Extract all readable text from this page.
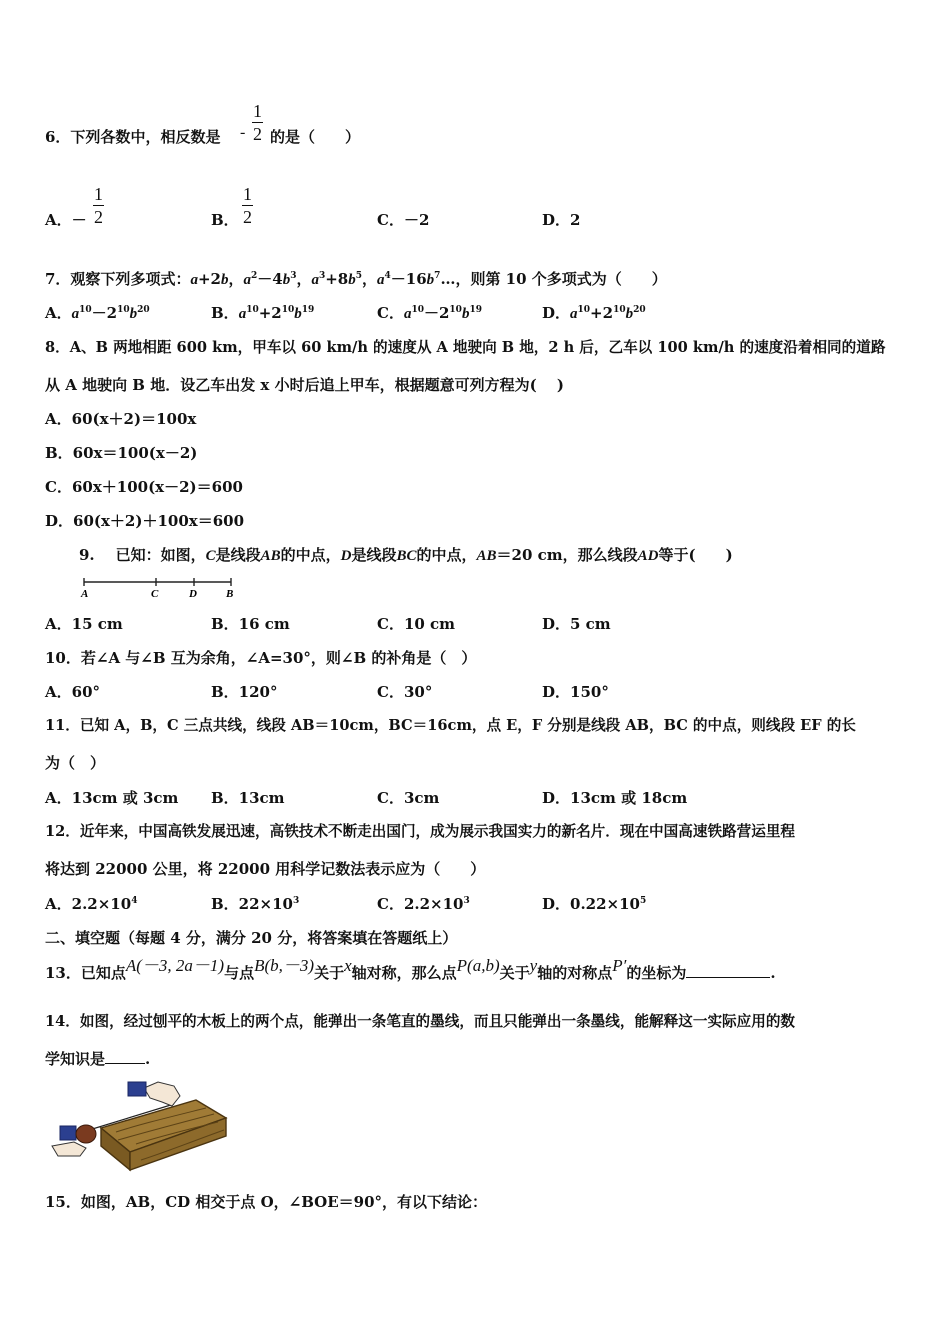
6．下列各数中，相反数是 -
1
2 的是（　　）
A．－
1
2	B．
1
2	C．－2	D．2
7．观察下列多项式：a+2b，$a^2-4b^3$，$a^3+8b^5$，$a^4-16b^7\dots$，则第 10 个多项式为（　　）
A．$a^{10}-2^{10}b^{20}$	B．$a^{10}+2^{10}b^{19}$	C．$a^{10}-2^{10}b^{19}$	D．$a^{10}+2^{10}b^{20}$
8．A、B 两地相距 600 km，甲车以 60 km/h 的速度从 A 地驶向 B 地，2 h 后，乙车以 100 km/h 的速度沿着相同的道路
从 A 地驶向 B 地．设乙车出发 x 小时后追上甲车，根据题意可列方程为(　 )
A．60(x＋2)＝100x
B．60x＝100(x－2)
C．60x＋100(x－2)＝600
D．60(x＋2)＋100x＝600
9. 已知：如图，C是线段AB的中点，D是线段BC的中点，AB＝20 cm，那么线段AD等于(　　)
A	C	D	B
A．15 cm	B．16 cm	C．10 cm	D．5 cm
10．若∠A 与∠B 互为余角，∠A=30°，则∠B 的补角是（　）
A．60°	B．120°	C．30°	D．150°
11．已知 A，B，C 三点共线，线段 AB＝10cm，BC＝16cm，点 E，F 分别是线段 AB，BC 的中点，则线段 EF 的长
为（　）
A．13cm 或 3cm B．13cm	C．3cm	D．13cm 或 18cm
12．近年来，中国高铁发展迅速，高铁技术不断走出国门，成为展示我国实力的新名片．现在中国高速铁路营运里程
将达到 22000 公里，将 22000 用科学记数法表示应为（　　）
A．$2.2\times 10^4$	B．$22\times 10^3$	C．$2.2\times 10^3$	D．$0.22\times 10^5$
二、填空题（每题 4 分，满分 20 分，将答案填在答题纸上）
13．已知点A(－3, 2a－1)与点B(b,－3)关于x轴对称，那么点P(a,b)关于y轴的对称点P′的坐标为	.
14．如图，经过刨平的木板上的两个点，能弹出一条笔直的墨线，而且只能弹出一条墨线，能解释这一实际应用的数
学知识是	.
15．如图，AB，CD 相交于点 O，∠BOE＝90°，有以下结论：
